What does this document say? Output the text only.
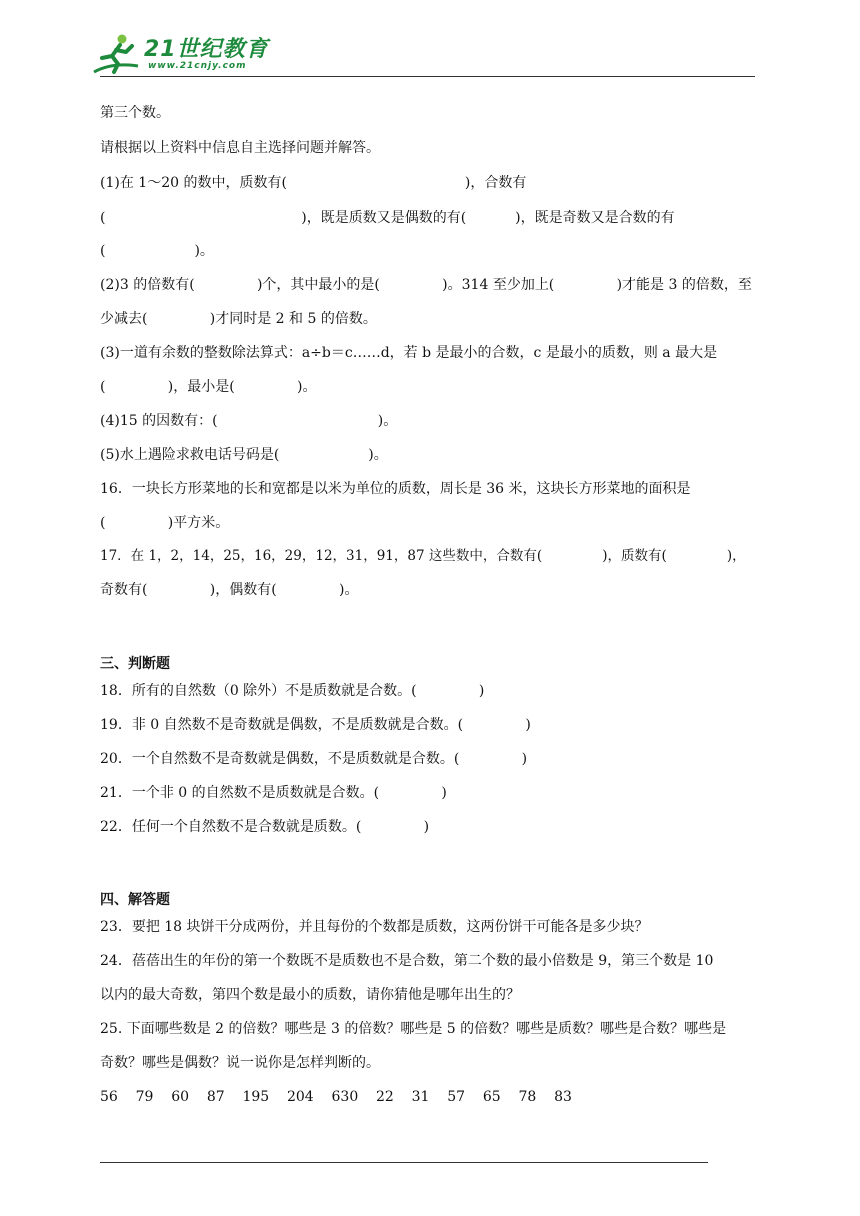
21世纪教育
www.21cnjy.com

第三个数。

请根据以上资料中信息自主选择问题并解答。

(1)在 1～20 的数中，质数有(                                        )，合数有

(                                            )，既是质数又是偶数的有(           )，既是奇数又是合数的有

(                    )。

(2)3 的倍数有(              )个，其中最小的是(              )。314 至少加上(              )才能是 3 的倍数，至

少减去(              )才同时是 2 和 5 的倍数。

(3)一道有余数的整数除法算式：a÷b＝c……d，若 b 是最小的合数，c 是最小的质数，则 a 最大是

(              )，最小是(              )。

(4)15 的因数有：(                                    )。

(5)水上遇险求救电话号码是(                    )。

16．一块长方形菜地的长和宽都是以米为单位的质数，周长是 36 米，这块长方形菜地的面积是

(              )平方米。

17．在 1，2，14，25，16，29，12，31，91，87 这些数中，合数有(              )，质数有(              )，

奇数有(              )，偶数有(              )。

三、判断题

18．所有的自然数（0 除外）不是质数就是合数。(              )

19．非 0 自然数不是奇数就是偶数，不是质数就是合数。(              )

20．一个自然数不是奇数就是偶数，不是质数就是合数。(              )

21．一个非 0 的自然数不是质数就是合数。(              )

22．任何一个自然数不是合数就是质数。(              )

四、解答题

23．要把 18 块饼干分成两份，并且每份的个数都是质数，这两份饼干可能各是多少块？

24．蓓蓓出生的年份的第一个数既不是质数也不是合数，第二个数的最小倍数是 9，第三个数是 10

以内的最大奇数，第四个数是最小的质数，请你猜他是哪年出生的？

25. 下面哪些数是 2 的倍数？哪些是 3 的倍数？哪些是 5 的倍数？哪些是质数？哪些是合数？哪些是

奇数？哪些是偶数？说一说你是怎样判断的。

56    79    60    87    195    204    630    22    31    57    65    78    83
